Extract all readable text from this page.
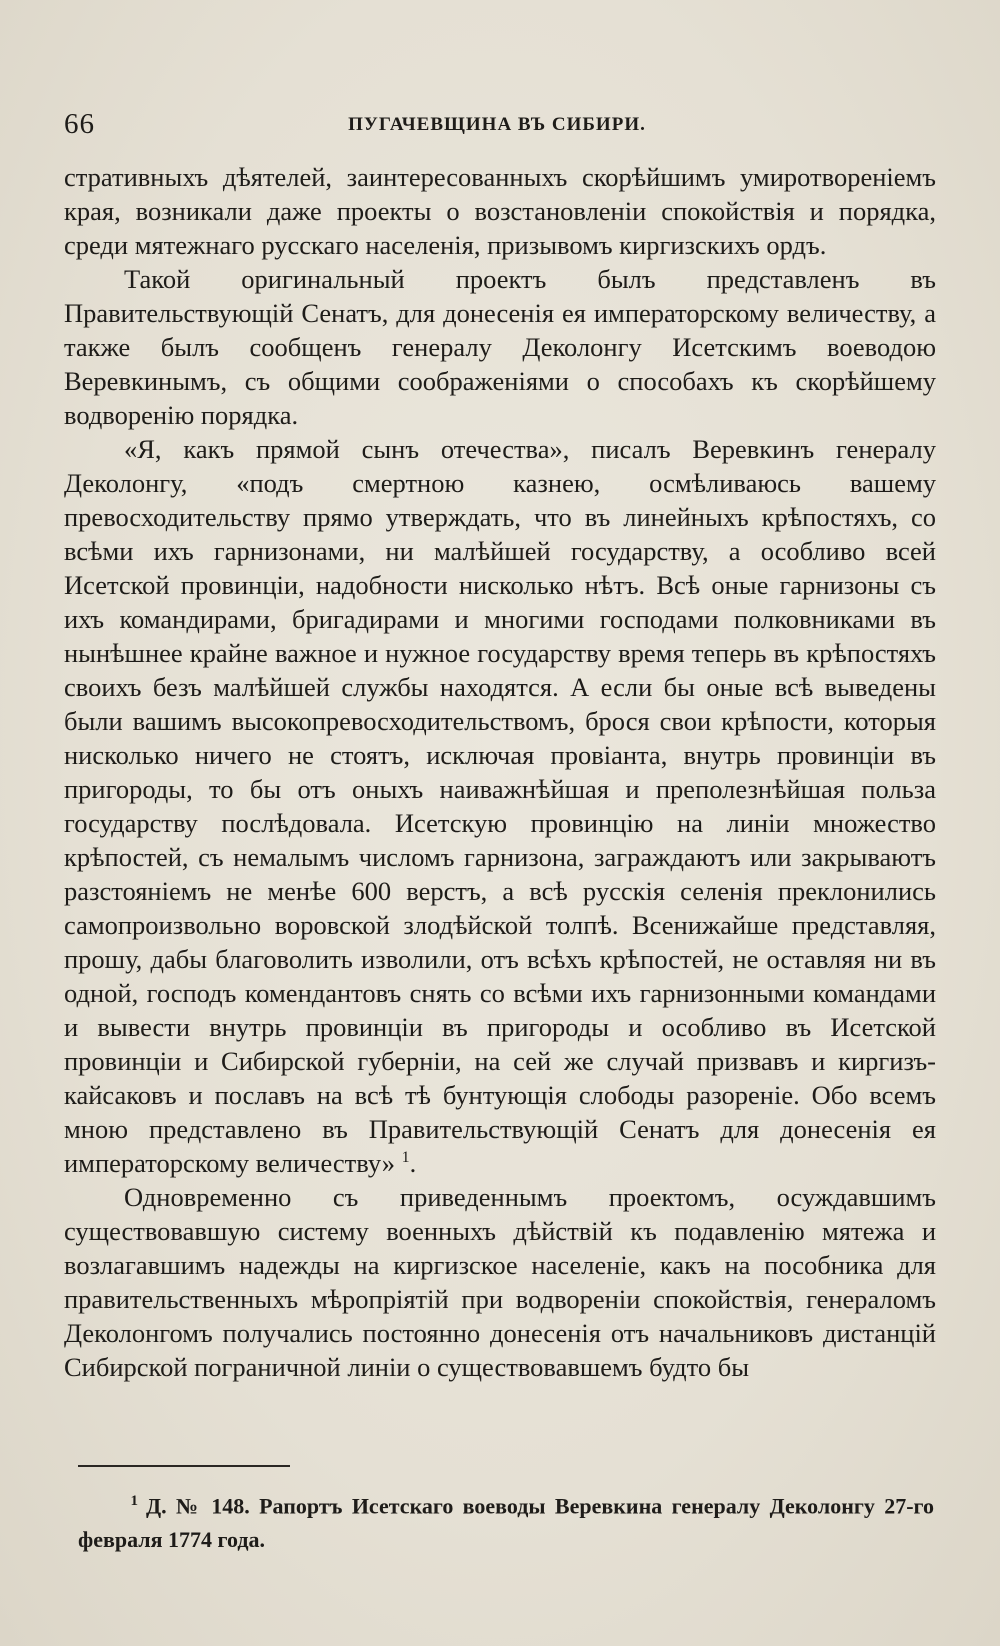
66	ПУГАЧЕВЩИНА ВЪ СИБИРИ.

стративныхъ дѣятелей, заинтересованныхъ скорѣйшимъ умиротвореніемъ края, возникали даже проекты о возстановленіи спокойствія и порядка, среди мятежнаго русскаго населенія, призывомъ киргизскихъ ордъ.

Такой оригинальный проектъ былъ представленъ въ Правительствующій Сенатъ, для донесенія ея императорскому величеству, а также былъ сообщенъ генералу Деколонгу Исетскимъ воеводою Веревкинымъ, съ общими соображеніями о способахъ къ скорѣйшему водворенію порядка.

«Я, какъ прямой сынъ отечества», писалъ Веревкинъ генералу Деколонгу, «подъ смертною казнею, осмѣливаюсь вашему превосходительству прямо утверждать, что въ линейныхъ крѣпостяхъ, со всѣми ихъ гарнизонами, ни малѣйшей государству, а особливо всей Исетской провинціи, надобности нисколько нѣтъ. Всѣ оные гарнизоны съ ихъ командирами, бригадирами и многими господами полковниками въ нынѣшнее крайне важное и нужное государству время теперь въ крѣпостяхъ своихъ безъ малѣйшей службы находятся. А если бы оные всѣ выведены были вашимъ высокопревосходительствомъ, брося свои крѣпости, которыя нисколько ничего не стоятъ, исключая провіанта, внутрь провинціи въ пригороды, то бы отъ оныхъ наиважнѣйшая и преполезнѣйшая польза государству послѣдовала. Исетскую провинцію на линіи множество крѣпостей, съ немалымъ числомъ гарнизона, заграждаютъ или закрываютъ разстояніемъ не менѣе 600 верстъ, а всѣ русскія селенія преклонились самопроизвольно воровской злодѣйской толпѣ. Всенижайше представляя, прошу, дабы благоволить изволили, отъ всѣхъ крѣпостей, не оставляя ни въ одной, господъ комендантовъ снять со всѣми ихъ гарнизонными командами и вывести внутрь провинціи въ пригороды и особливо въ Исетской провинціи и Сибирской губерніи, на сей же случай призвавъ и киргизъ-кайсаковъ и пославъ на всѣ тѣ бунтующія слободы разореніе. Обо всемъ мною представлено въ Правительствующій Сенатъ для донесенія ея императорскому величеству» $^1$.

Одновременно съ приведеннымъ проектомъ, осуждавшимъ существовавшую систему военныхъ дѣйствій къ подавленію мятежа и возлагавшимъ надежды на киргизское населеніе, какъ на пособника для правительственныхъ мѣропріятій при водвореніи спокойствія, генераломъ Деколонгомъ получались постоянно донесенія отъ начальниковъ дистанцій Сибирской пограничной линіи о существовавшемъ будто бы

1 Д. № 148. Рапортъ Исетскаго воеводы Веревкина генералу Деколонгу 27-го февраля 1774 года.
